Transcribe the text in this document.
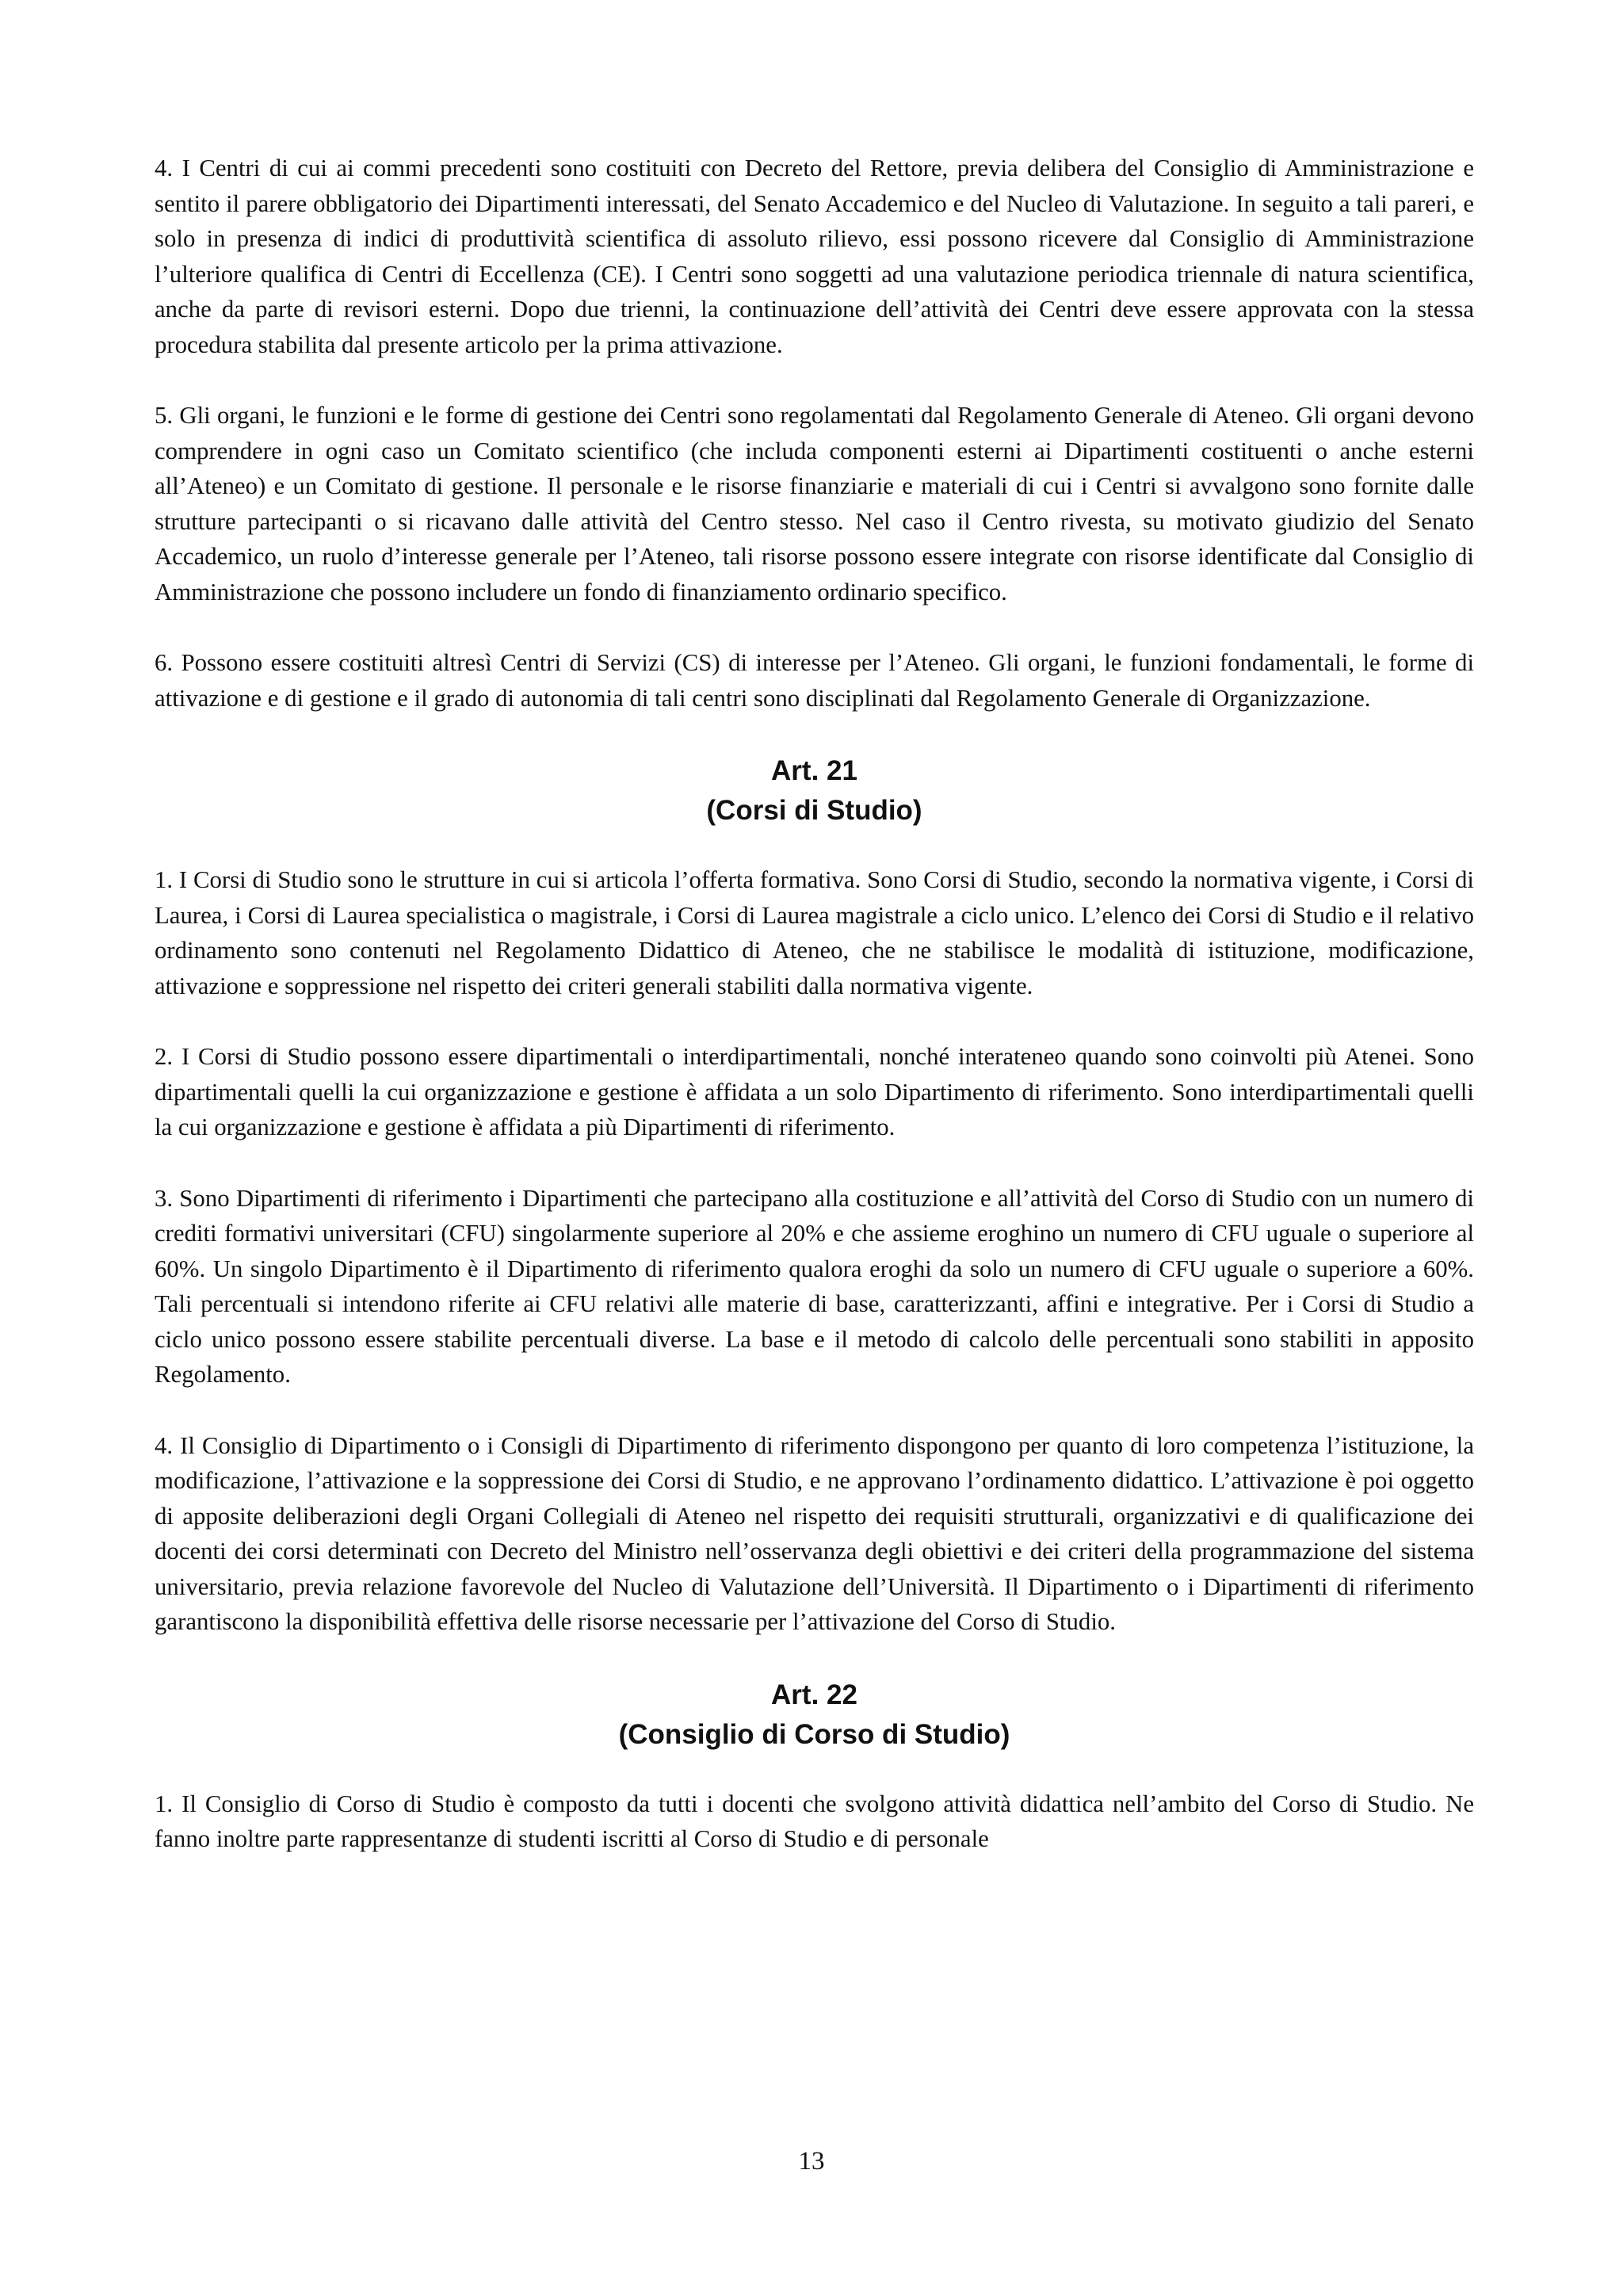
4. I Centri di cui ai commi precedenti sono costituiti con Decreto del Rettore, previa delibera del Consiglio di Amministrazione e sentito il parere obbligatorio dei Dipartimenti interessati, del Senato Accademico e del Nucleo di Valutazione. In seguito a tali pareri, e solo in presenza di indici di produttività scientifica di assoluto rilievo, essi possono ricevere dal Consiglio di Amministrazione l’ulteriore qualifica di Centri di Eccellenza (CE). I Centri sono soggetti ad una valutazione periodica triennale di natura scientifica, anche da parte di revisori esterni. Dopo due trienni, la continuazione dell’attività dei Centri deve essere approvata con la stessa procedura stabilita dal presente articolo per la prima attivazione.

5. Gli organi, le funzioni e le forme di gestione dei Centri sono regolamentati dal Regolamento Generale di Ateneo. Gli organi devono comprendere in ogni caso un Comitato scientifico (che includa componenti esterni ai Dipartimenti costituenti o anche esterni all’Ateneo) e un Comitato di gestione. Il personale e le risorse finanziarie e materiali di cui i Centri si avvalgono sono fornite dalle strutture partecipanti o si ricavano dalle attività del Centro stesso. Nel caso il Centro rivesta, su motivato giudizio del Senato Accademico, un ruolo d’interesse generale per l’Ateneo, tali risorse possono essere integrate con risorse identificate dal Consiglio di Amministrazione che possono includere un fondo di finanziamento ordinario specifico.

6. Possono essere costituiti altresì Centri di Servizi (CS) di interesse per l’Ateneo. Gli organi, le funzioni fondamentali, le forme di attivazione e di gestione e il grado di autonomia di tali centri sono disciplinati dal Regolamento Generale di Organizzazione.

Art. 21
(Corsi di Studio)

1. I Corsi di Studio sono le strutture in cui si articola l’offerta formativa. Sono Corsi di Studio, secondo la normativa vigente, i Corsi di Laurea, i Corsi di Laurea specialistica o magistrale, i Corsi di Laurea magistrale a ciclo unico. L’elenco dei Corsi di Studio e il relativo ordinamento sono contenuti nel Regolamento Didattico di Ateneo, che ne stabilisce le modalità di istituzione, modificazione, attivazione e soppressione nel rispetto dei criteri generali stabiliti dalla normativa vigente.

2. I Corsi di Studio possono essere dipartimentali o interdipartimentali, nonché interateneo quando sono coinvolti più Atenei. Sono dipartimentali quelli la cui organizzazione e gestione è affidata a un solo Dipartimento di riferimento. Sono interdipartimentali quelli la cui organizzazione e gestione è affidata a più Dipartimenti di riferimento.

3. Sono Dipartimenti di riferimento i Dipartimenti che partecipano alla costituzione e all’attività del Corso di Studio con un numero di crediti formativi universitari (CFU) singolarmente superiore al 20% e che assieme eroghino un numero di CFU uguale o superiore al 60%. Un singolo Dipartimento è il Dipartimento di riferimento qualora eroghi da solo un numero di CFU uguale o superiore a 60%. Tali percentuali si intendono riferite ai CFU relativi alle materie di base, caratterizzanti, affini e integrative. Per i Corsi di Studio a ciclo unico possono essere stabilite percentuali diverse. La base e il metodo di calcolo delle percentuali sono stabiliti in apposito Regolamento.

4. Il Consiglio di Dipartimento o i Consigli di Dipartimento di riferimento dispongono per quanto di loro competenza l’istituzione, la modificazione, l’attivazione e la soppressione dei Corsi di Studio, e ne approvano l’ordinamento didattico. L’attivazione è poi oggetto di apposite deliberazioni degli Organi Collegiali di Ateneo nel rispetto dei requisiti strutturali, organizzativi e di qualificazione dei docenti dei corsi determinati con Decreto del Ministro nell’osservanza degli obiettivi e dei criteri della programmazione del sistema universitario, previa relazione favorevole del Nucleo di Valutazione dell’Università. Il Dipartimento o i Dipartimenti di riferimento garantiscono la disponibilità effettiva delle risorse necessarie per l’attivazione del Corso di Studio.

Art. 22
(Consiglio di Corso di Studio)

1. Il Consiglio di Corso di Studio è composto da tutti i docenti che svolgono attività didattica nell’ambito del Corso di Studio. Ne fanno inoltre parte rappresentanze di studenti iscritti al Corso di Studio e di personale

13
